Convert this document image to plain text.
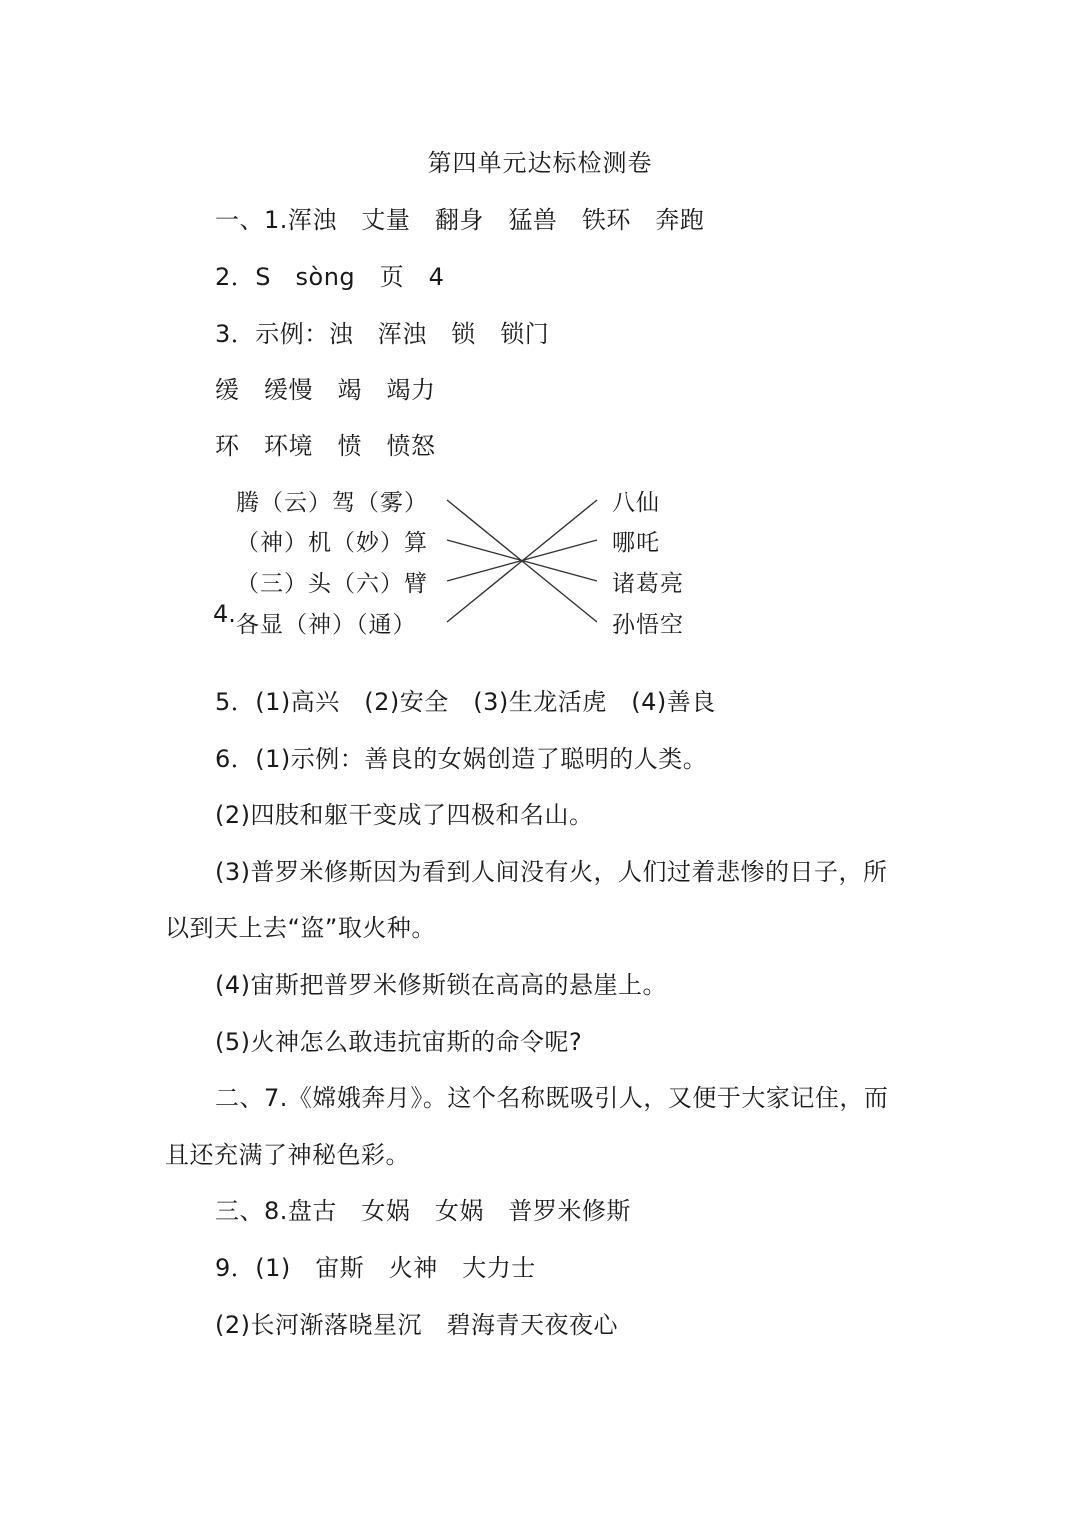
第四单元达标检测卷
一、1.浑浊　丈量　翻身　猛兽　铁环　奔跑
2．S　sòng　页　4
3．示例：浊　浑浊　锁　锁门
缓　缓慢　竭　竭力
环　环境　愤　愤怒
4.
腾（云）驾（雾）
（神）机（妙）算
（三）头（六）臂
各显（神）（通）
八仙
哪吒
诸葛亮
孙悟空
5．(1)高兴　(2)安全　(3)生龙活虎　(4)善良
6．(1)示例：善良的女娲创造了聪明的人类。
(2)四肢和躯干变成了四极和名山。
(3)普罗米修斯因为看到人间没有火，人们过着悲惨的日子，所
以到天上去“盗”取火种。
(4)宙斯把普罗米修斯锁在高高的悬崖上。
(5)火神怎么敢违抗宙斯的命令呢?
二、7.《嫦娥奔月》。这个名称既吸引人，又便于大家记住，而
且还充满了神秘色彩。
三、8.盘古　女娲　女娲　普罗米修斯
9．(1)　宙斯　火神　大力士
(2)长河渐落晓星沉　碧海青天夜夜心
